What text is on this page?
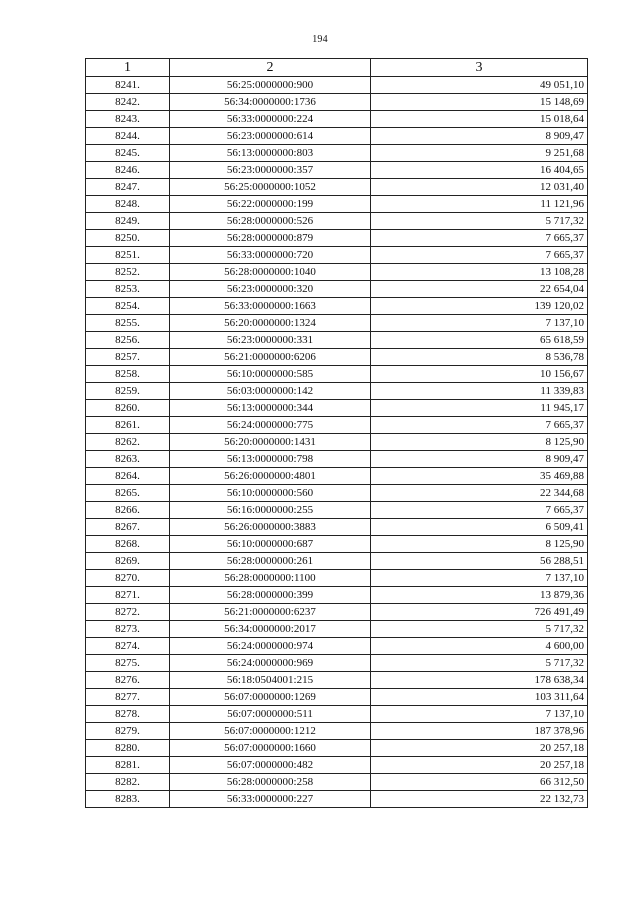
194
1	2	3
8241.	56:25:0000000:900	49 051,10
8242.	56:34:0000000:1736	15 148,69
8243.	56:33:0000000:224	15 018,64
8244.	56:23:0000000:614	8 909,47
8245.	56:13:0000000:803	9 251,68
8246.	56:23:0000000:357	16 404,65
8247.	56:25:0000000:1052	12 031,40
8248.	56:22:0000000:199	11 121,96
8249.	56:28:0000000:526	5 717,32
8250.	56:28:0000000:879	7 665,37
8251.	56:33:0000000:720	7 665,37
8252.	56:28:0000000:1040	13 108,28
8253.	56:23:0000000:320	22 654,04
8254.	56:33:0000000:1663	139 120,02
8255.	56:20:0000000:1324	7 137,10
8256.	56:23:0000000:331	65 618,59
8257.	56:21:0000000:6206	8 536,78
8258.	56:10:0000000:585	10 156,67
8259.	56:03:0000000:142	11 339,83
8260.	56:13:0000000:344	11 945,17
8261.	56:24:0000000:775	7 665,37
8262.	56:20:0000000:1431	8 125,90
8263.	56:13:0000000:798	8 909,47
8264.	56:26:0000000:4801	35 469,88
8265.	56:10:0000000:560	22 344,68
8266.	56:16:0000000:255	7 665,37
8267.	56:26:0000000:3883	6 509,41
8268.	56:10:0000000:687	8 125,90
8269.	56:28:0000000:261	56 288,51
8270.	56:28:0000000:1100	7 137,10
8271.	56:28:0000000:399	13 879,36
8272.	56:21:0000000:6237	726 491,49
8273.	56:34:0000000:2017	5 717,32
8274.	56:24:0000000:974	4 600,00
8275.	56:24:0000000:969	5 717,32
8276.	56:18:0504001:215	178 638,34
8277.	56:07:0000000:1269	103 311,64
8278.	56:07:0000000:511	7 137,10
8279.	56:07:0000000:1212	187 378,96
8280.	56:07:0000000:1660	20 257,18
8281.	56:07:0000000:482	20 257,18
8282.	56:28:0000000:258	66 312,50
8283.	56:33:0000000:227	22 132,73
